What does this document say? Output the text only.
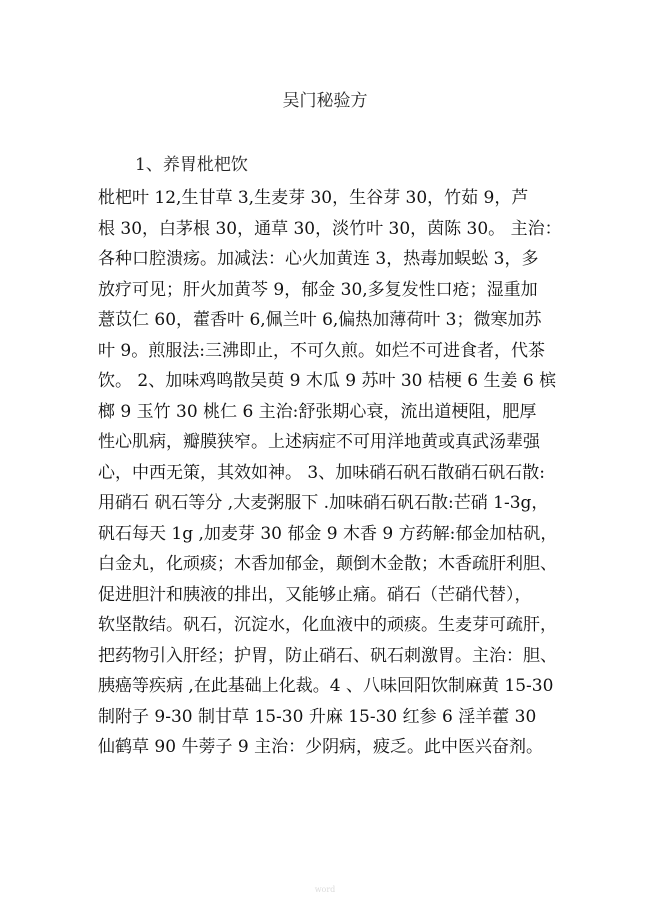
吴门秘验方
1、养胃枇杷饮
枇杷叶 12,生甘草 3,生麦芽 30，生谷芽 30，竹茹 9，芦
根 30，白茅根 30，通草 30，淡竹叶 30，茵陈 30。 主治：
各种口腔溃疡。加减法：心火加黄连 3，热毒加蜈蚣 3，多
放疗可见；肝火加黄芩 9，郁金 30,多复发性口疮；湿重加
薏苡仁 60，藿香叶 6,佩兰叶 6,偏热加薄荷叶 3；微寒加苏
叶 9。煎服法:三沸即止，不可久煎。如烂不可进食者，代茶
饮。 2、加味鸡鸣散吴萸 9 木瓜 9 苏叶 30 桔梗 6 生姜 6 槟
榔 9 玉竹 30 桃仁 6 主治:舒张期心衰，流出道梗阻，肥厚
性心肌病，瓣膜狭窄。上述病症不可用洋地黄或真武汤辈强
心，中西无策，其效如神。 3、加味硝石矾石散硝石矾石散:
用硝石 矾石等分 ,大麦粥服下 .加味硝石矾石散:芒硝 1-3g，
矾石每天 1g ,加麦芽 30 郁金 9 木香 9 方药解:郁金加枯矾，
白金丸，化顽痰；木香加郁金，颠倒木金散；木香疏肝利胆、
促进胆汁和胰液的排出，又能够止痛。硝石（芒硝代替），
软坚散结。矾石，沉淀水，化血液中的顽痰。生麦芽可疏肝，
把药物引入肝经；护胃，防止硝石、矾石刺激胃。主治：胆、
胰癌等疾病 ,在此基础上化裁。4 、八味回阳饮制麻黄 15-30
制附子 9-30 制甘草 15-30 升麻 15-30 红参 6 淫羊藿 30
仙鹤草 90 牛蒡子 9 主治：少阴病，疲乏。此中医兴奋剂。
word
